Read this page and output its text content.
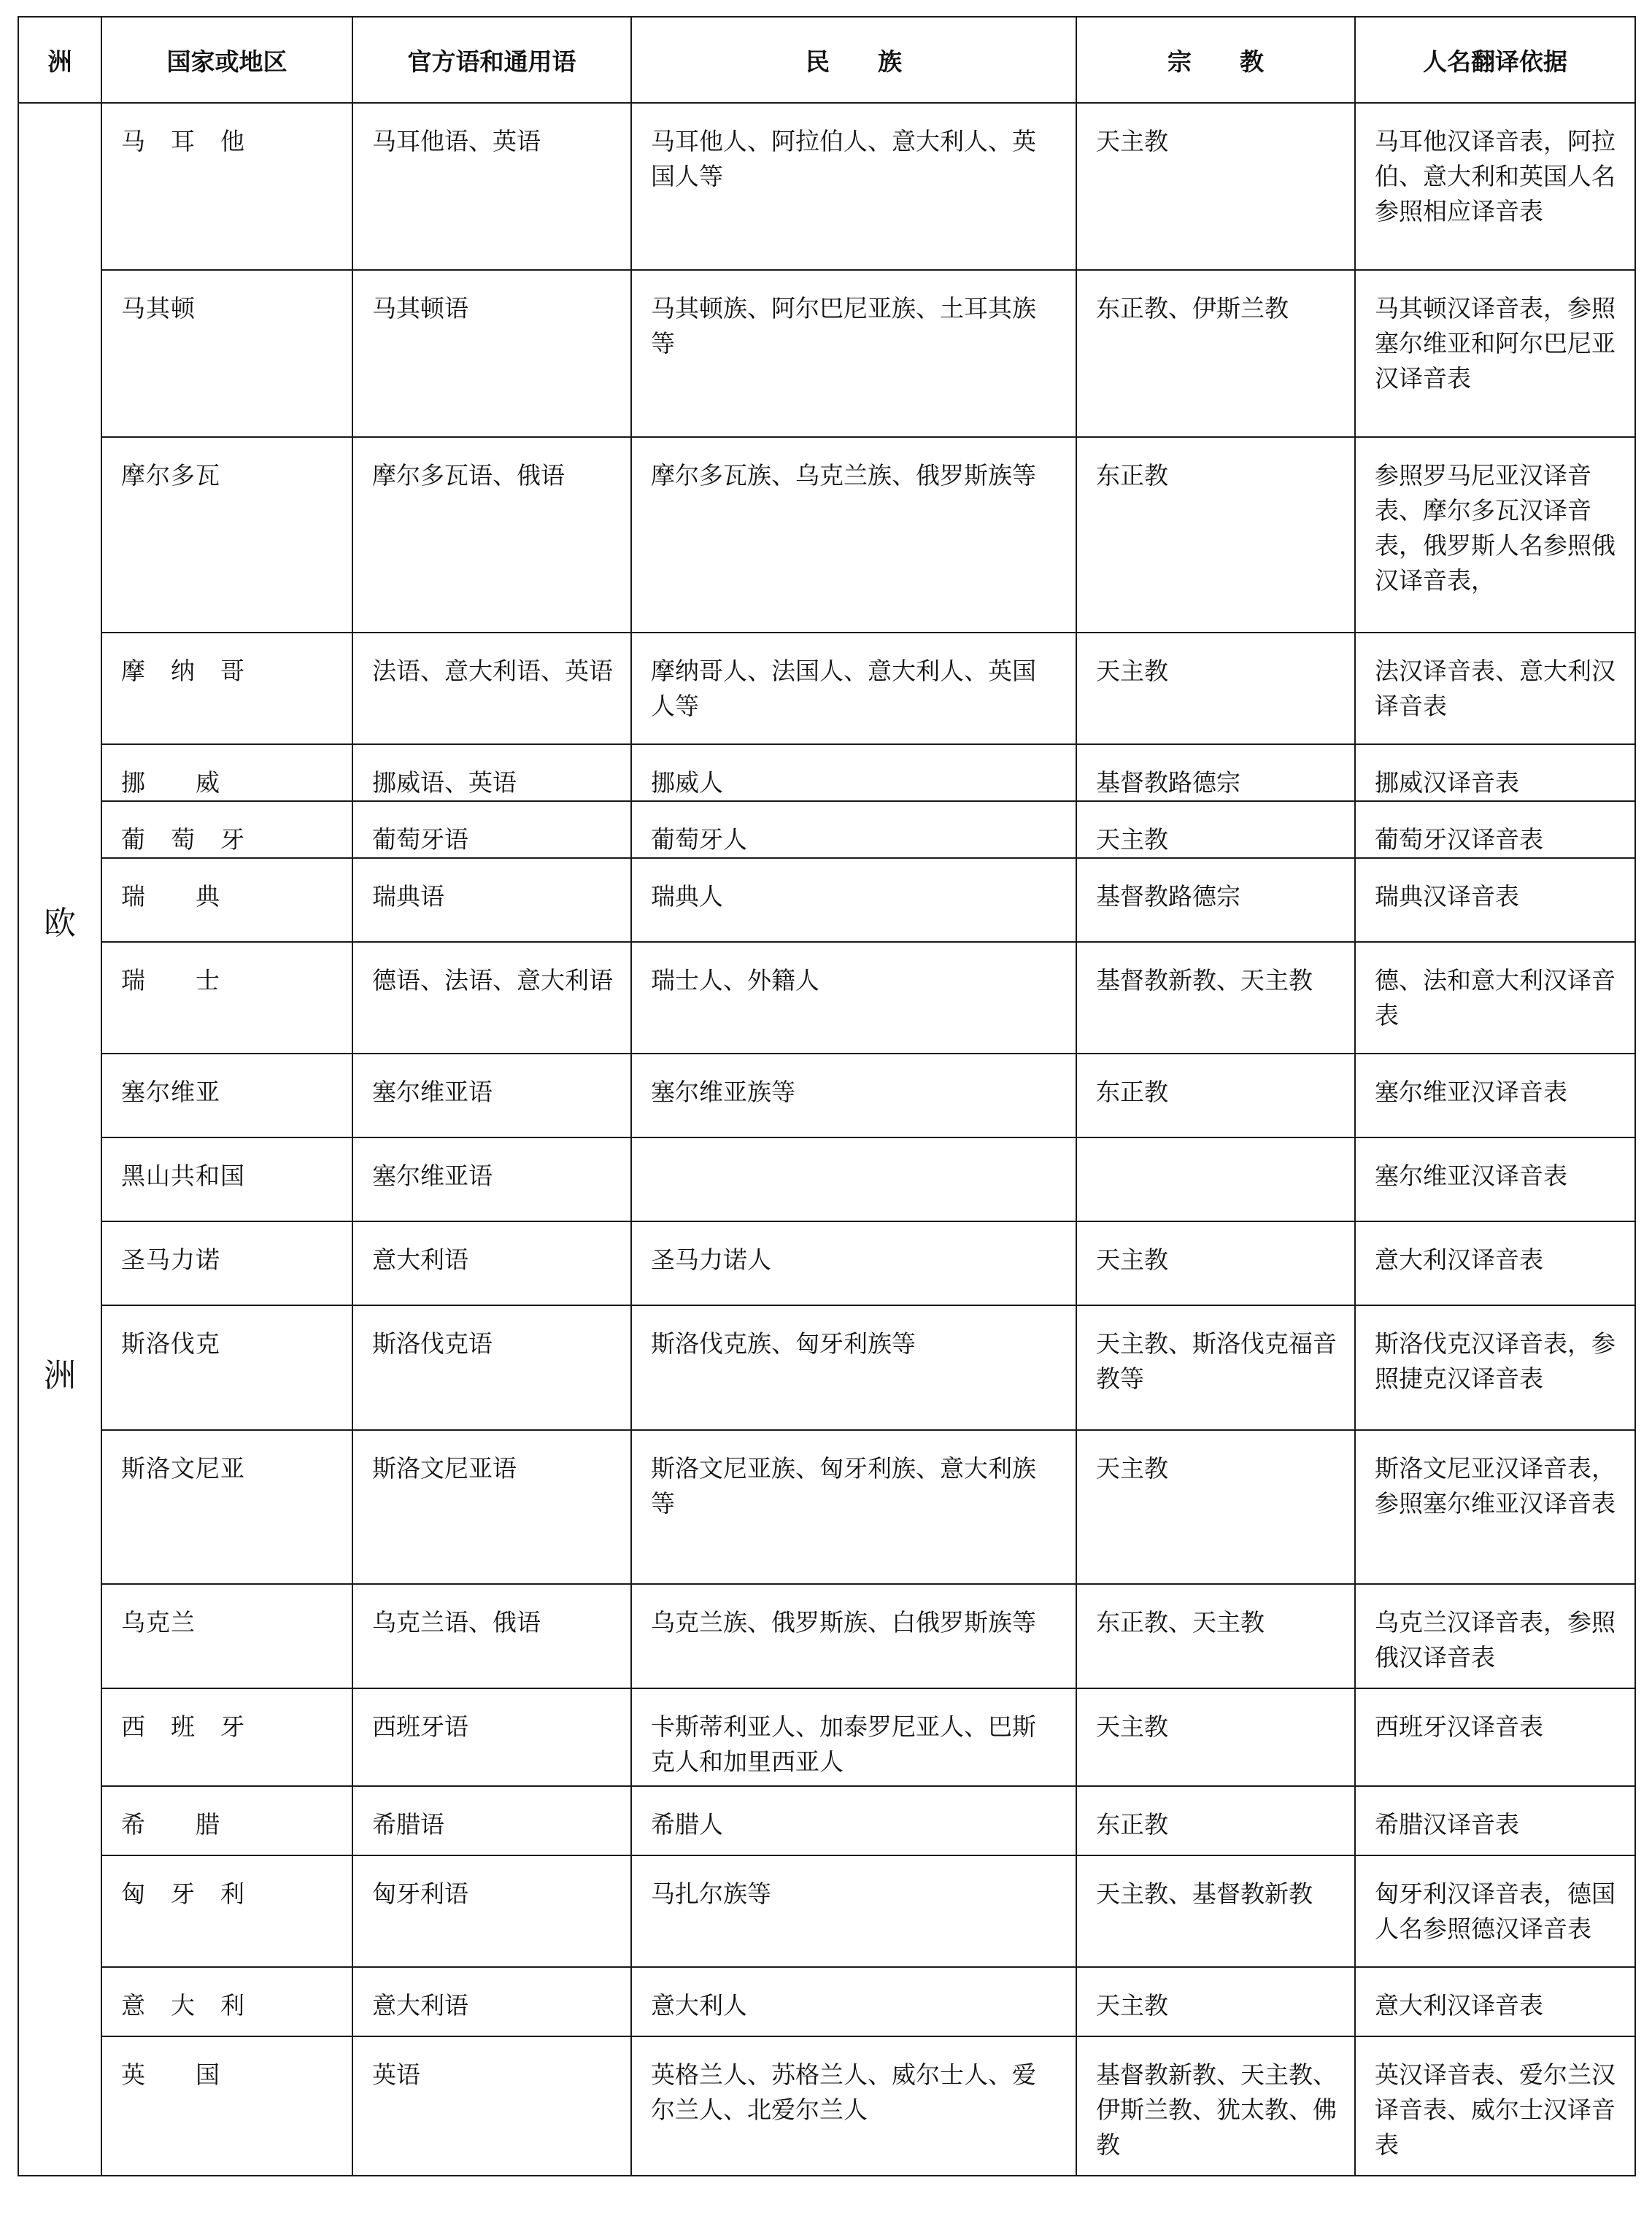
洲	国家或地区	官方语和通用语	民　　族	宗　　教	人名翻译依据

欧
洲	马　耳　他	马耳他语、英语	马耳他人、阿拉伯人、意大利人、英国人等	天主教	马耳他汉译音表，阿拉伯、意大利和英国人名参照相应译音表
	马其顿	马其顿语	马其顿族、阿尔巴尼亚族、土耳其族等	东正教、伊斯兰教	马其顿汉译音表，参照塞尔维亚和阿尔巴尼亚汉译音表
	摩尔多瓦	摩尔多瓦语、俄语	摩尔多瓦族、乌克兰族、俄罗斯族等	东正教	参照罗马尼亚汉译音表、摩尔多瓦汉译音表，俄罗斯人名参照俄汉译音表，
	摩　纳　哥	法语、意大利语、英语	摩纳哥人、法国人、意大利人、英国人等	天主教	法汉译音表、意大利汉译音表
	挪　　威	挪威语、英语	挪威人	基督教路德宗	挪威汉译音表
	葡　萄　牙	葡萄牙语	葡萄牙人	天主教	葡萄牙汉译音表
	瑞　　典	瑞典语	瑞典人	基督教路德宗	瑞典汉译音表
	瑞　　士	德语、法语、意大利语	瑞士人、外籍人	基督教新教、天主教	德、法和意大利汉译音表
	塞尔维亚	塞尔维亚语	塞尔维亚族等	东正教	塞尔维亚汉译音表
	黑山共和国	塞尔维亚语			塞尔维亚汉译音表
	圣马力诺	意大利语	圣马力诺人	天主教	意大利汉译音表
	斯洛伐克	斯洛伐克语	斯洛伐克族、匈牙利族等	天主教、斯洛伐克福音教等	斯洛伐克汉译音表，参照捷克汉译音表
	斯洛文尼亚	斯洛文尼亚语	斯洛文尼亚族、匈牙利族、意大利族等	天主教	斯洛文尼亚汉译音表，参照塞尔维亚汉译音表
	乌克兰	乌克兰语、俄语	乌克兰族、俄罗斯族、白俄罗斯族等	东正教、天主教	乌克兰汉译音表，参照俄汉译音表
	西　班　牙	西班牙语	卡斯蒂利亚人、加泰罗尼亚人、巴斯克人和加里西亚人	天主教	西班牙汉译音表
	希　　腊	希腊语	希腊人	东正教	希腊汉译音表
	匈　牙　利	匈牙利语	马扎尔族等	天主教、基督教新教	匈牙利汉译音表，德国人名参照德汉译音表
	意　大　利	意大利语	意大利人	天主教	意大利汉译音表
	英　　国	英语	英格兰人、苏格兰人、威尔士人、爱尔兰人、北爱尔兰人	基督教新教、天主教、伊斯兰教、犹太教、佛教	英汉译音表、爱尔兰汉译音表、威尔士汉译音表
